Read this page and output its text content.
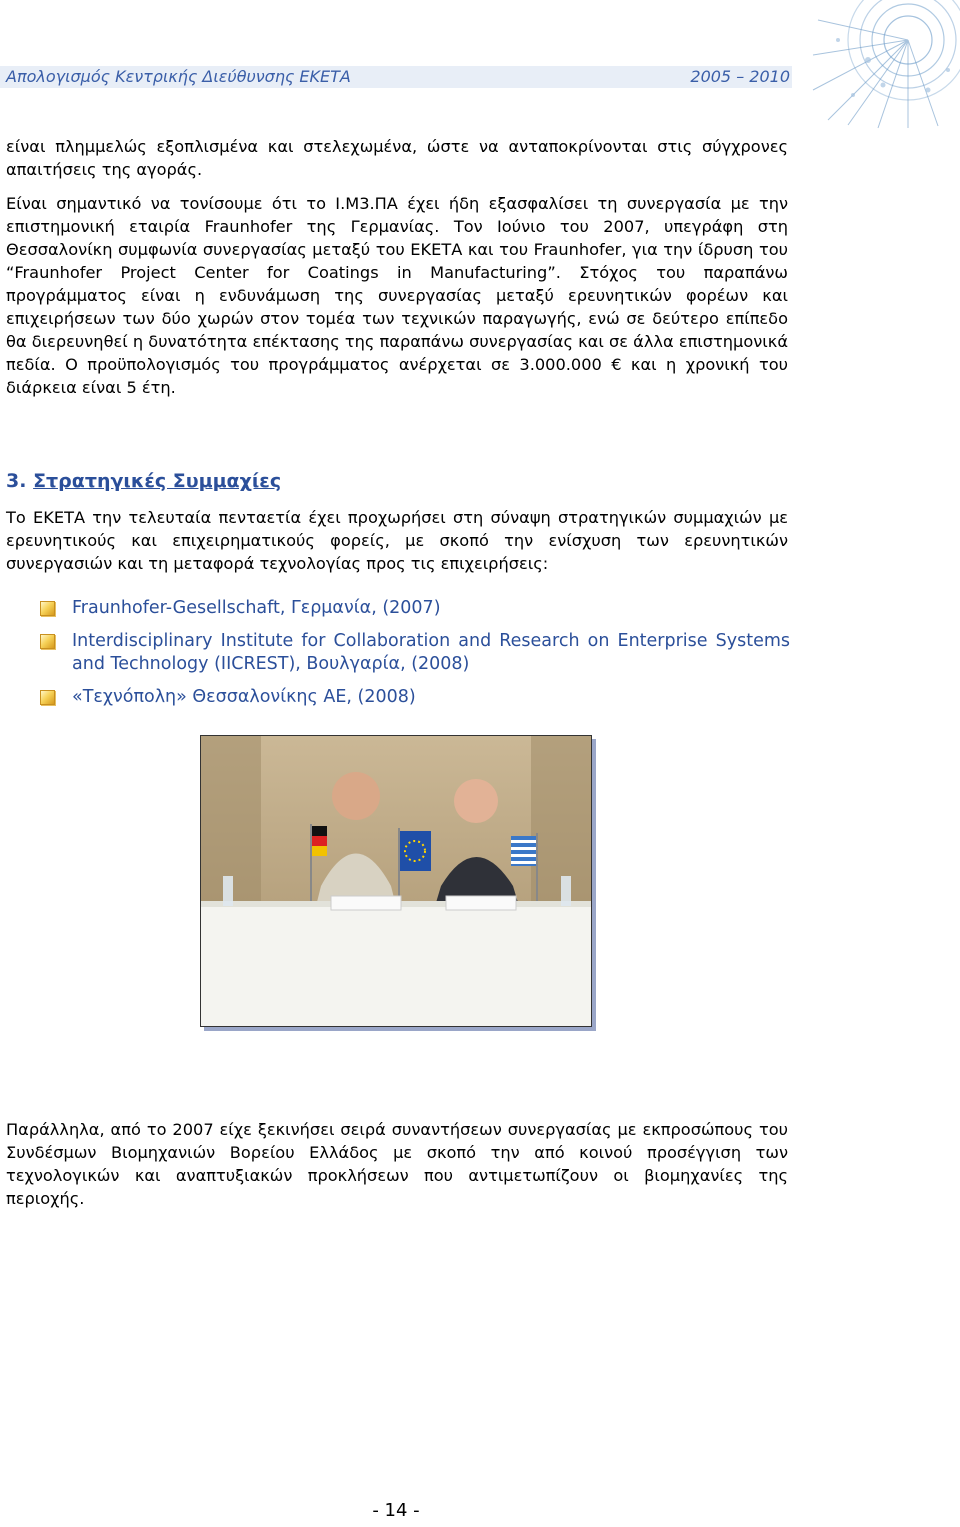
Απολογισμός Κεντρικής Διεύθυνσης ΕΚΕΤΑ	2005 – 2010

είναι πλημμελώς εξοπλισμένα και στελεχωμένα, ώστε να ανταποκρίνονται στις σύγχρονες απαιτήσεις της αγοράς.

Είναι σημαντικό να τονίσουμε ότι το Ι.Μ3.ΠΑ έχει ήδη εξασφαλίσει τη συνεργασία με την επιστημονική εταιρία Fraunhofer της Γερμανίας. Τον Ιούνιο του 2007, υπεγράφη στη Θεσσαλονίκη συμφωνία συνεργασίας μεταξύ του ΕΚΕΤΑ και του Fraunhofer, για την ίδρυση του “Fraunhofer Project Center for Coatings in Manufacturing”. Στόχος του παραπάνω προγράμματος είναι η ενδυνάμωση της συνεργασίας μεταξύ ερευνητικών φορέων και επιχειρήσεων των δύο χωρών στον τομέα των τεχνικών παραγωγής, ενώ σε δεύτερο επίπεδο θα διερευνηθεί η δυνατότητα επέκτασης της παραπάνω συνεργασίας και σε άλλα επιστημονικά πεδία. Ο προϋπολογισμός του προγράμματος ανέρχεται σε 3.000.000 € και η χρονική του διάρκεια είναι 5 έτη.

3. Στρατηγικές Συμμαχίες

Το ΕΚΕΤΑ την τελευταία πενταετία έχει προχωρήσει στη σύναψη στρατηγικών συμμαχιών με ερευνητικούς και επιχειρηματικούς φορείς, με σκοπό την ενίσχυση των ερευνητικών συνεργασιών και τη μεταφορά τεχνολογίας προς τις επιχειρήσεις:

Fraunhofer-Gesellschaft, Γερμανία, (2007)
Interdisciplinary Institute for Collaboration and Research on Enterprise Systems and Technology (IICREST), Βουλγαρία, (2008)
«Τεχνόπολη» Θεσσαλονίκης ΑΕ, (2008)

Παράλληλα, από το 2007 είχε ξεκινήσει σειρά συναντήσεων συνεργασίας με εκπροσώπους του Συνδέσμων Βιομηχανιών Βορείου Ελλάδος με σκοπό την από κοινού προσέγγιση των τεχνολογικών και αναπτυξιακών προκλήσεων που αντιμετωπίζουν οι βιομηχανίες της περιοχής.

- 14 -
